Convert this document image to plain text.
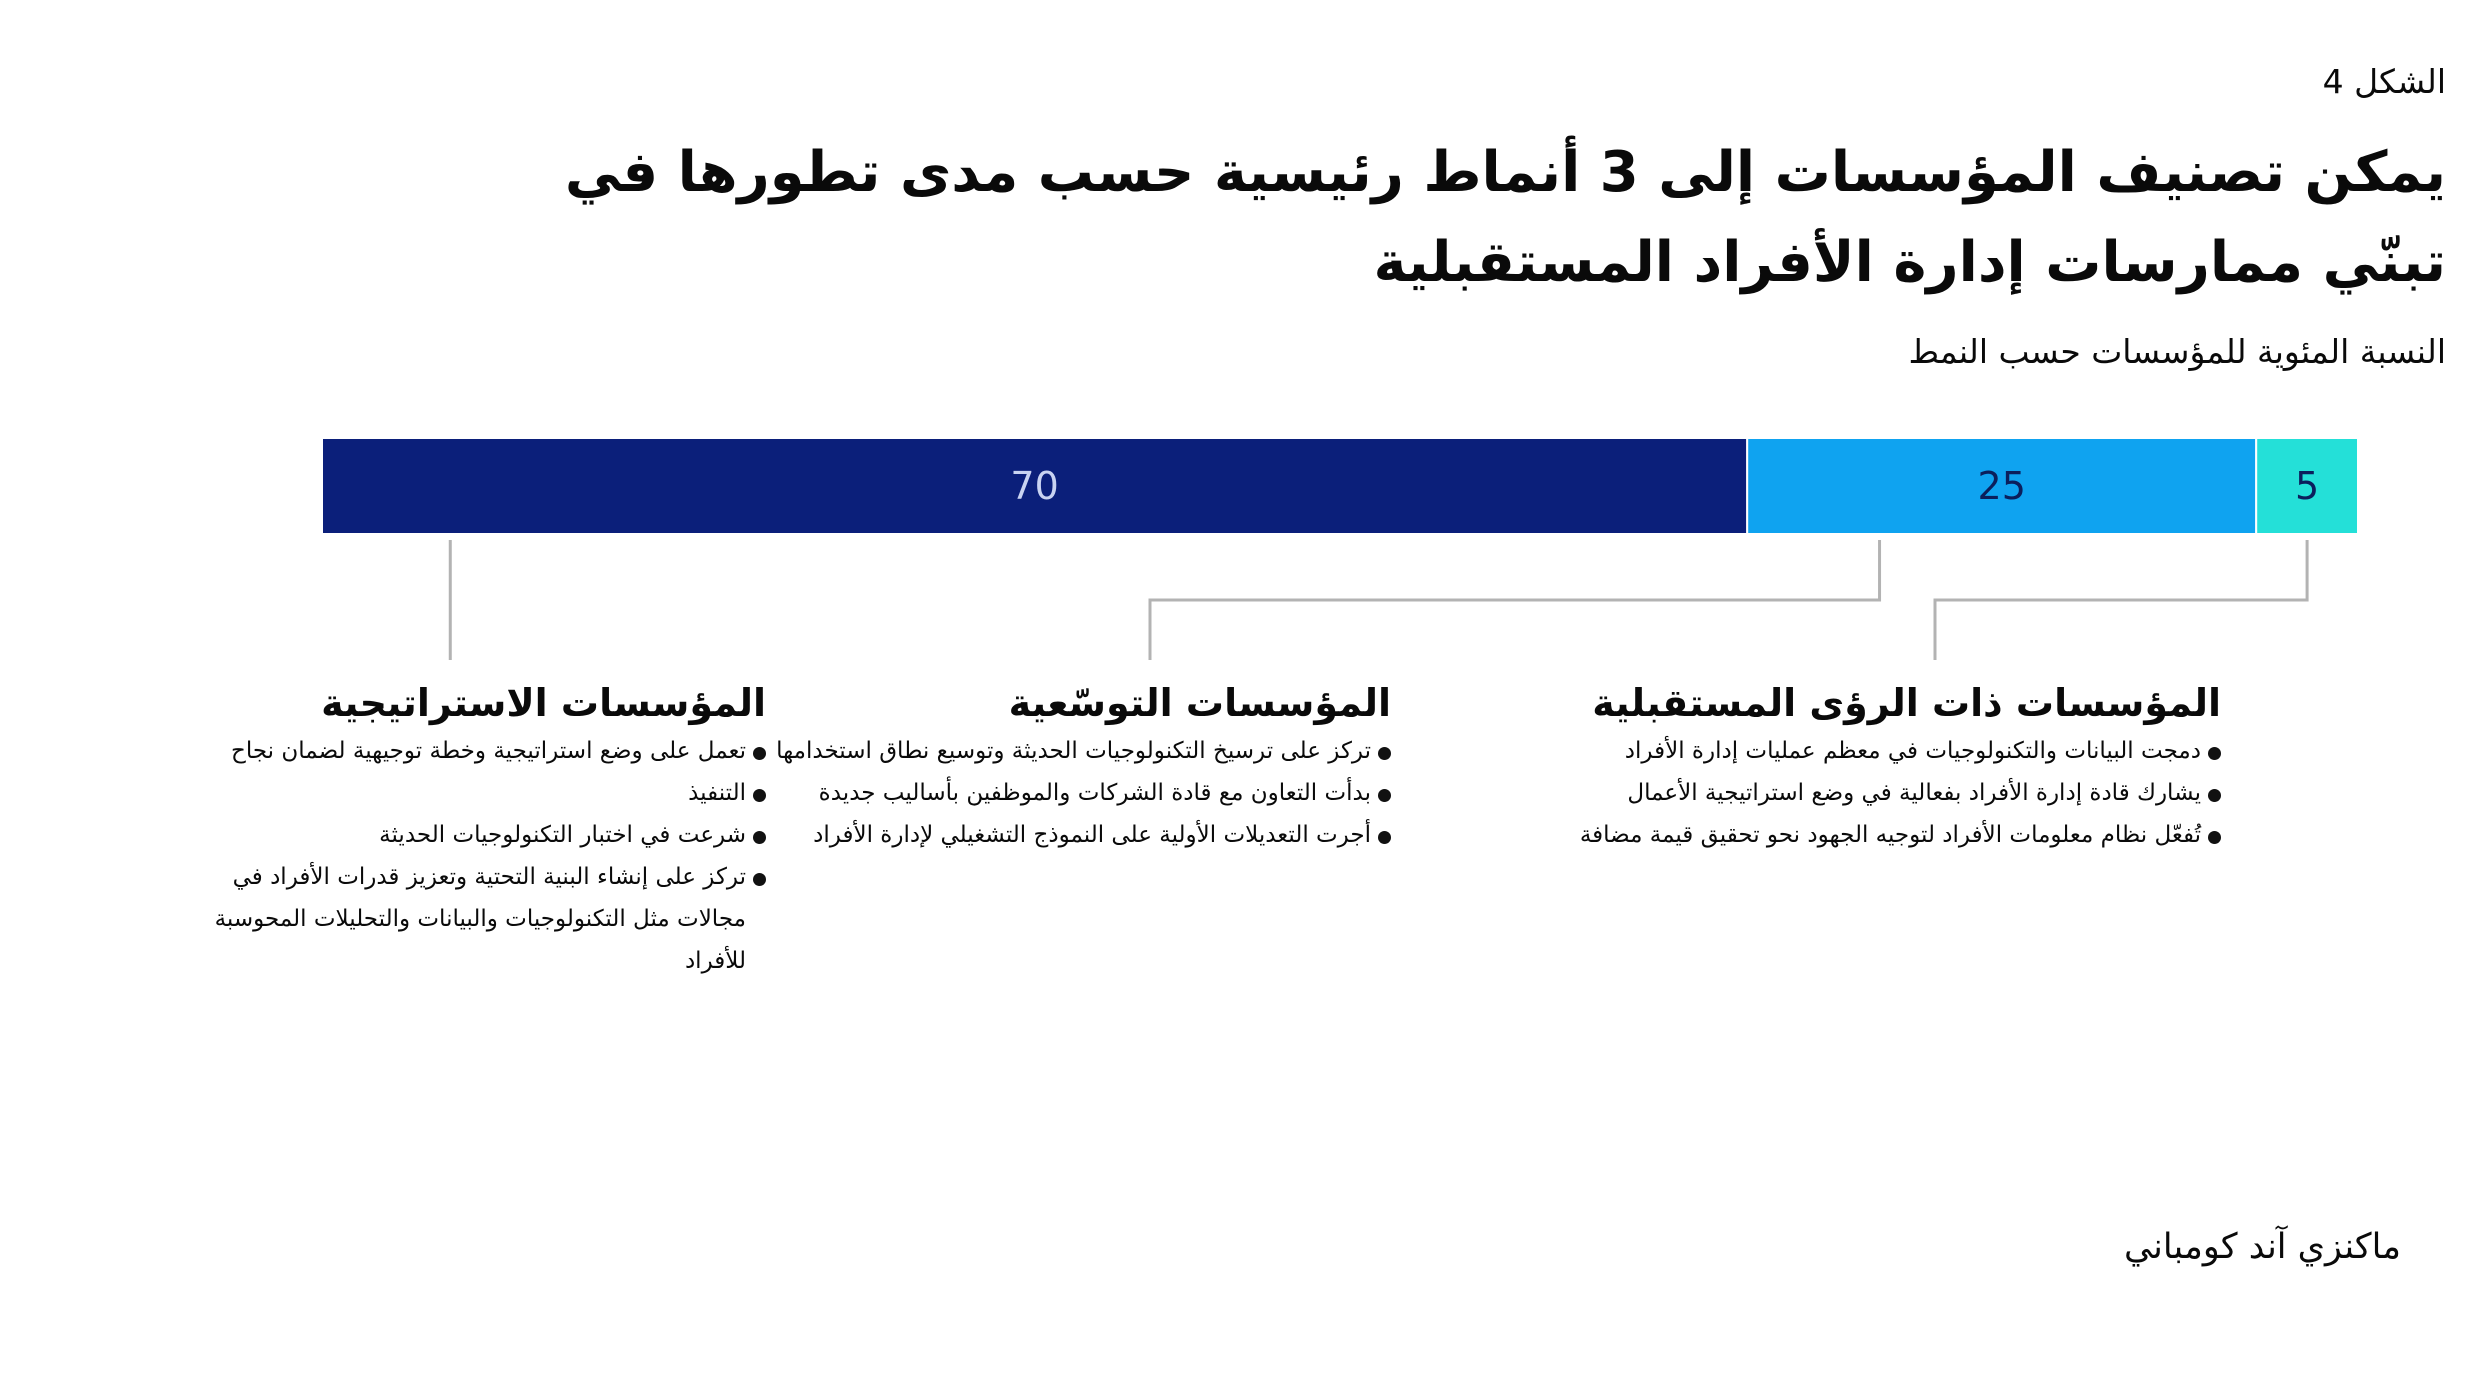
الشكل 4
يمكن تصنيف المؤسسات إلى 3 أنماط رئيسية حسب مدى تطورها في تبنّي ممارسات إدارة الأفراد المستقبلية
النسبة المئوية للمؤسسات حسب النمط
70	25	5
المؤسسات ذات الرؤى المستقبلية
دمجت البيانات والتكنولوجيات في معظم عمليات إدارة الأفراد
يشارك قادة إدارة الأفراد بفعالية في وضع استراتيجية الأعمال
تُفعّل نظام معلومات الأفراد لتوجيه الجهود نحو تحقيق قيمة مضافة
المؤسسات التوسّعية
تركز على ترسيخ التكنولوجيات الحديثة وتوسيع نطاق استخدامها
بدأت التعاون مع قادة الشركات والموظفين بأساليب جديدة
أجرت التعديلات الأولية على النموذج التشغيلي لإدارة الأفراد
المؤسسات الاستراتيجية
تعمل على وضع استراتيجية وخطة توجيهية لضمان نجاح
التنفيذ
شرعت في اختبار التكنولوجيات الحديثة
تركز على إنشاء البنية التحتية وتعزيز قدرات الأفراد في مجالات مثل التكنولوجيات والبيانات والتحليلات المحوسبة للأفراد
ماكنزي آند كومباني
